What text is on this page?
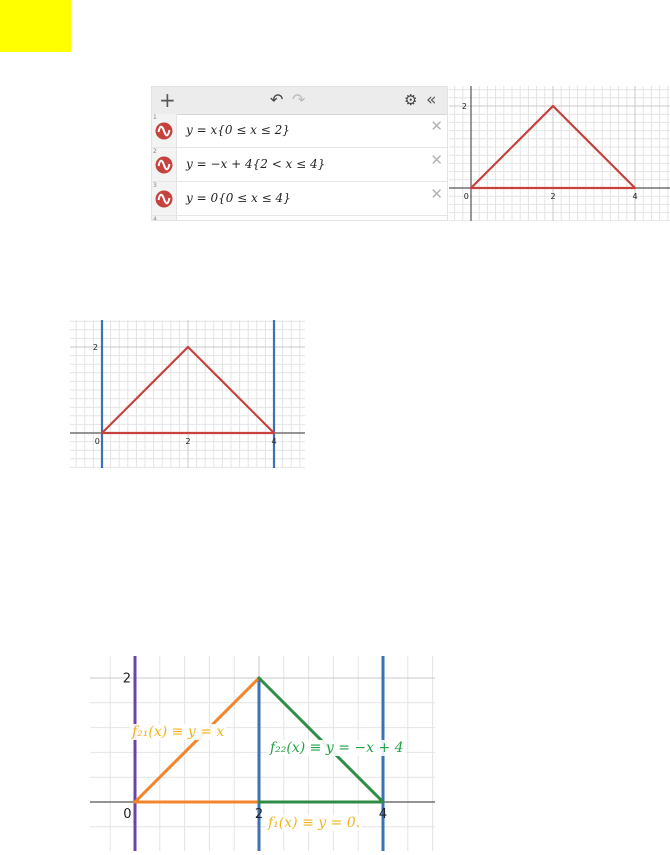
+	↶ ↷	⚙ «
1
y = x{0 ≤ x ≤ 2}	✕
2
y = −x + 4{2 < x ≤ 4}	✕
3
y = 0{0 ≤ x ≤ 4}	✕
4
0	2	4
2
0	2	4
2
0	2	4
2
f₂₁(x) ≡ y = x
f₂₂(x) ≡ y = −x + 4
f₁(x) ≡ y = 0.
